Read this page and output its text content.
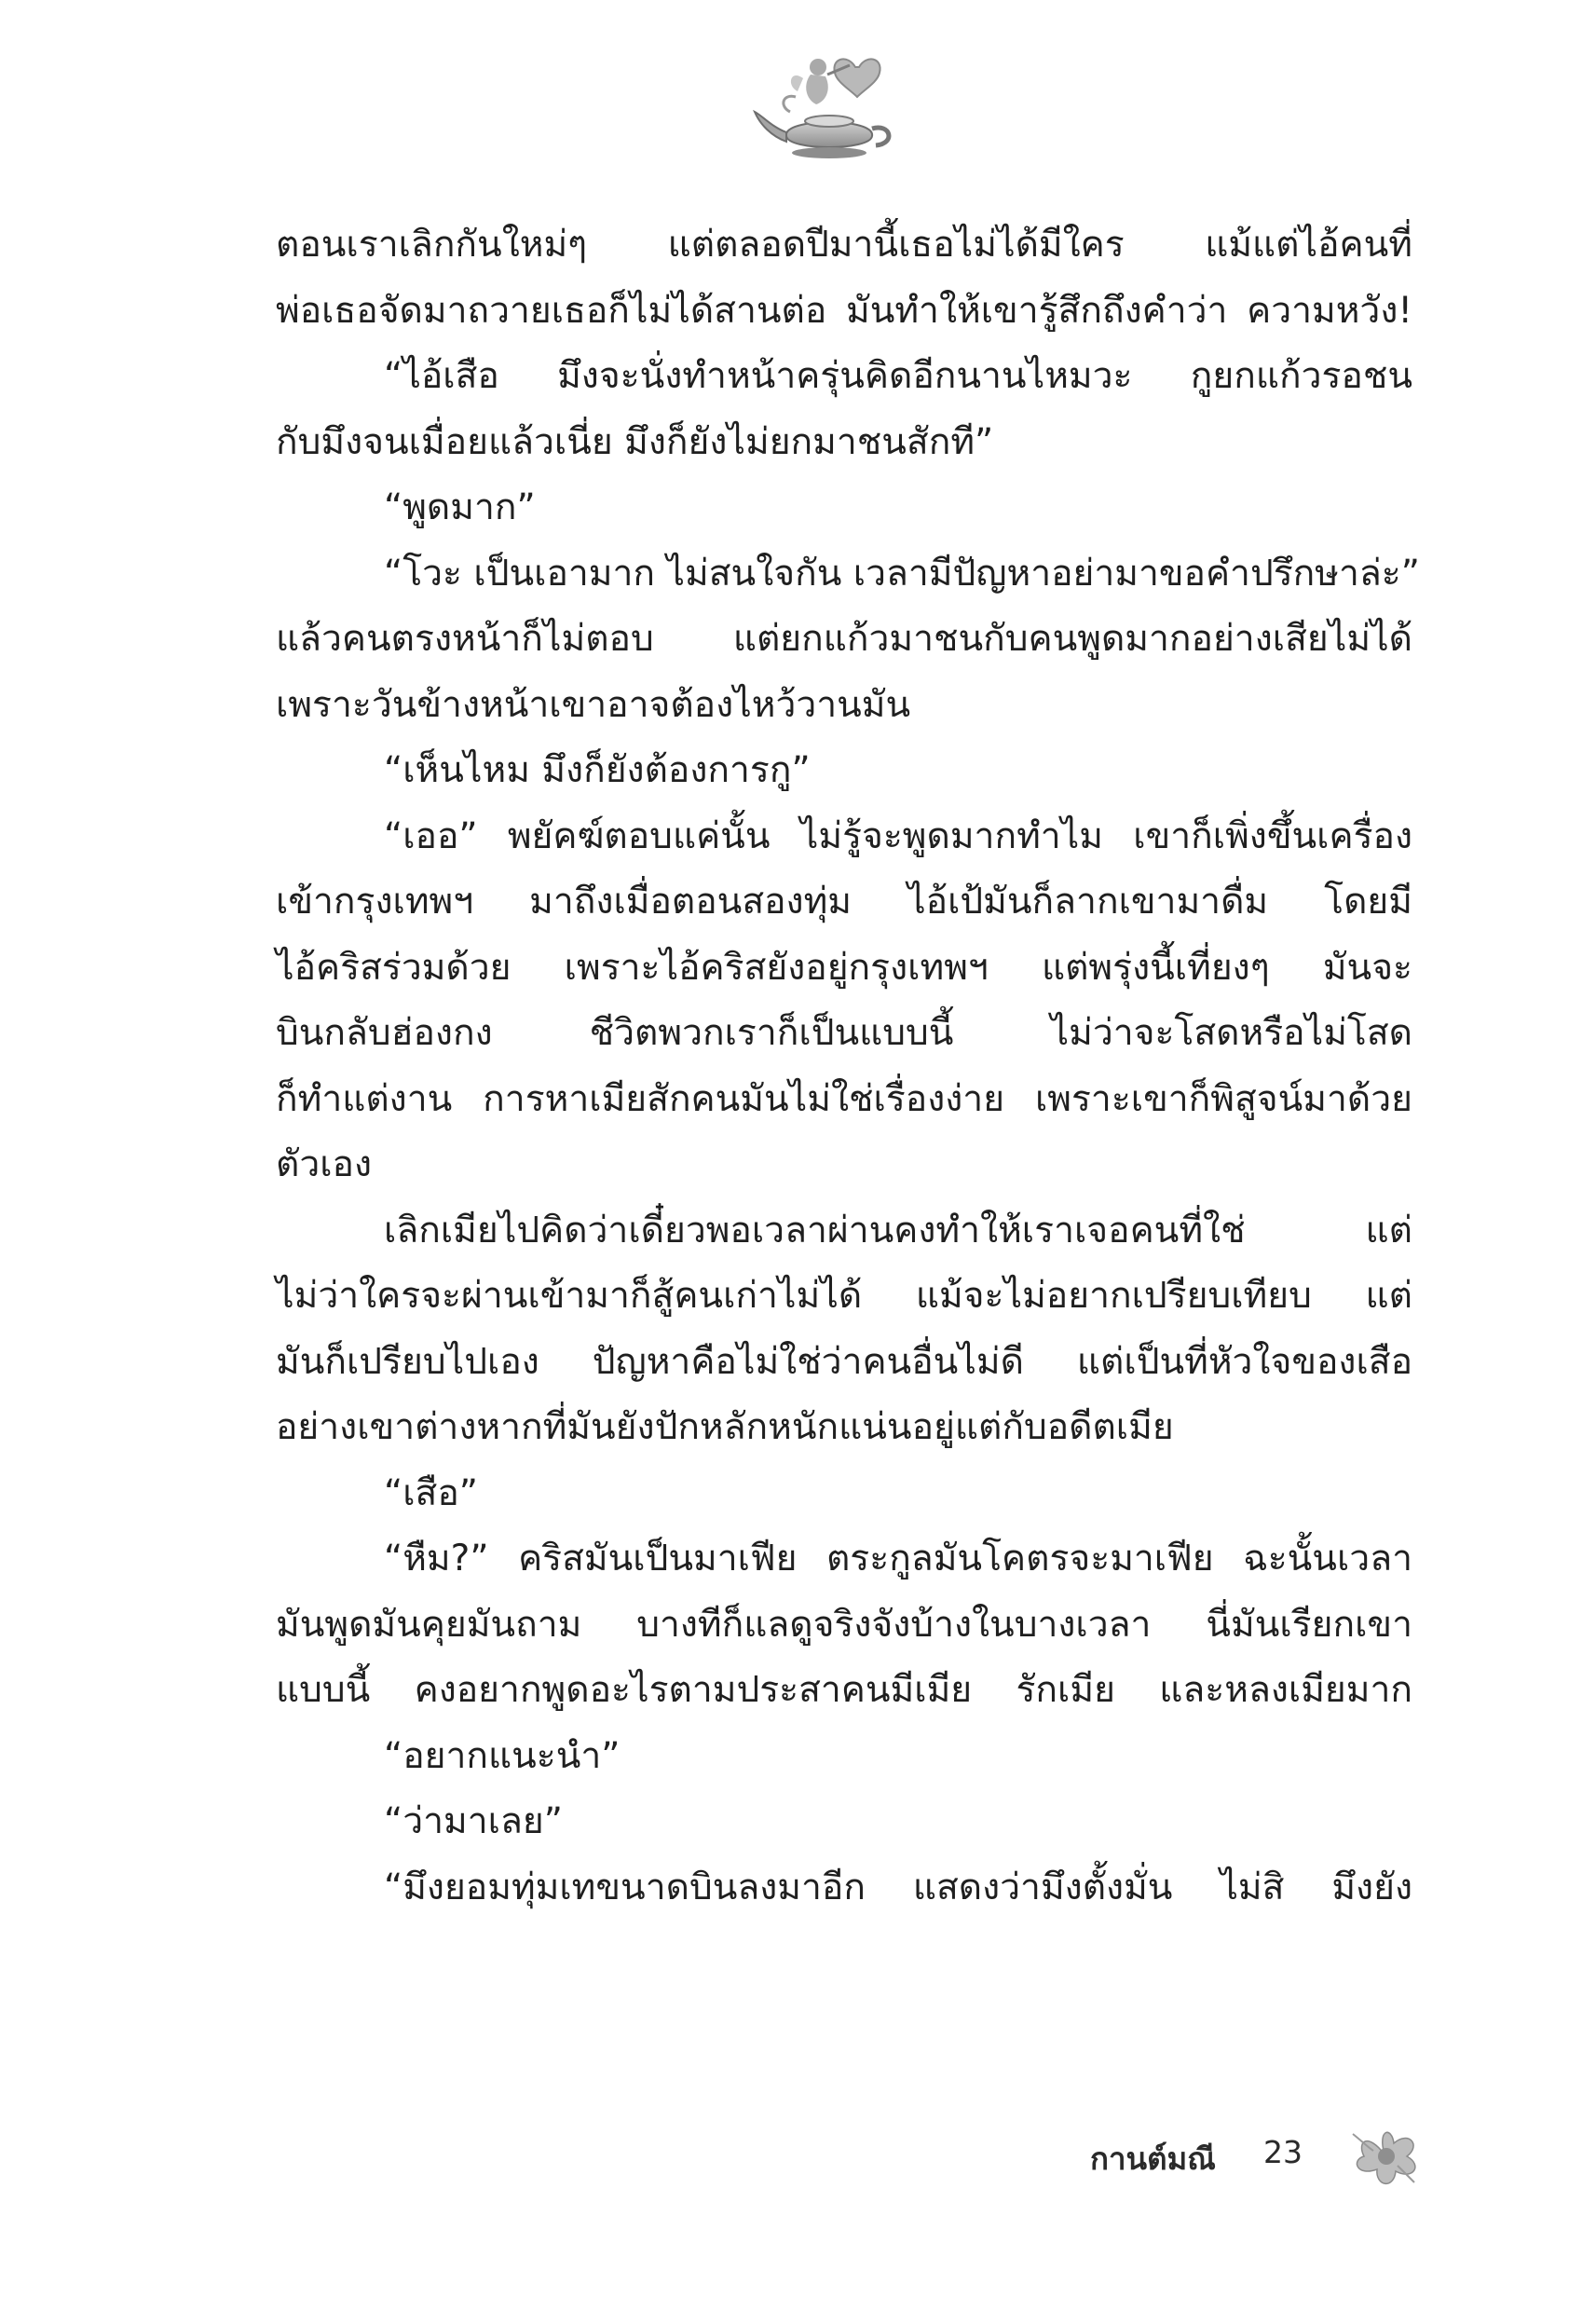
ตอนเราเลิกกันใหม่ๆ แต่ตลอดปีมานี้เธอไม่ได้มีใคร แม้แต่ไอ้คนที่

พ่อเธอจัดมาถวายเธอก็ไม่ได้สานต่อ มันทำให้เขารู้สึกถึงคำว่า ความหวัง!

“ไอ้เสือ มึงจะนั่งทำหน้าครุ่นคิดอีกนานไหมวะ กูยกแก้วรอชน

กับมึงจนเมื่อยแล้วเนี่ย มึงก็ยังไม่ยกมาชนสักที”

“พูดมาก”

“โวะ เป็นเอามาก ไม่สนใจกัน เวลามีปัญหาอย่ามาขอคำปรึกษาล่ะ”

แล้วคนตรงหน้าก็ไม่ตอบ แต่ยกแก้วมาชนกับคนพูดมากอย่างเสียไม่ได้

เพราะวันข้างหน้าเขาอาจต้องไหว้วานมัน

“เห็นไหม มึงก็ยังต้องการกู”

“เออ” พยัคฆ์ตอบแค่นั้น ไม่รู้จะพูดมากทำไม เขาก็เพิ่งขึ้นเครื่อง

เข้ากรุงเทพฯ มาถึงเมื่อตอนสองทุ่ม ไอ้เป้มันก็ลากเขามาดื่ม โดยมี

ไอ้คริสร่วมด้วย เพราะไอ้คริสยังอยู่กรุงเทพฯ แต่พรุ่งนี้เที่ยงๆ มันจะ

บินกลับฮ่องกง ชีวิตพวกเราก็เป็นแบบนี้ ไม่ว่าจะโสดหรือไม่โสด

ก็ทำแต่งาน การหาเมียสักคนมันไม่ใช่เรื่องง่าย เพราะเขาก็พิสูจน์มาด้วย

ตัวเอง

เลิกเมียไปคิดว่าเดี๋ยวพอเวลาผ่านคงทำให้เราเจอคนที่ใช่ แต่

ไม่ว่าใครจะผ่านเข้ามาก็สู้คนเก่าไม่ได้ แม้จะไม่อยากเปรียบเทียบ แต่

มันก็เปรียบไปเอง ปัญหาคือไม่ใช่ว่าคนอื่นไม่ดี แต่เป็นที่หัวใจของเสือ

อย่างเขาต่างหากที่มันยังปักหลักหนักแน่นอยู่แต่กับอดีตเมีย

“เสือ”

“หืม?” คริสมันเป็นมาเฟีย ตระกูลมันโคตรจะมาเฟีย ฉะนั้นเวลา

มันพูดมันคุยมันถาม บางทีก็แลดูจริงจังบ้างในบางเวลา นี่มันเรียกเขา

แบบนี้ คงอยากพูดอะไรตามประสาคนมีเมีย รักเมีย และหลงเมียมาก

“อยากแนะนำ”

“ว่ามาเลย”

“มึงยอมทุ่มเทขนาดบินลงมาอีก แสดงว่ามึงตั้งมั่น ไม่สิ มึงยัง

กานต์มณี 23
